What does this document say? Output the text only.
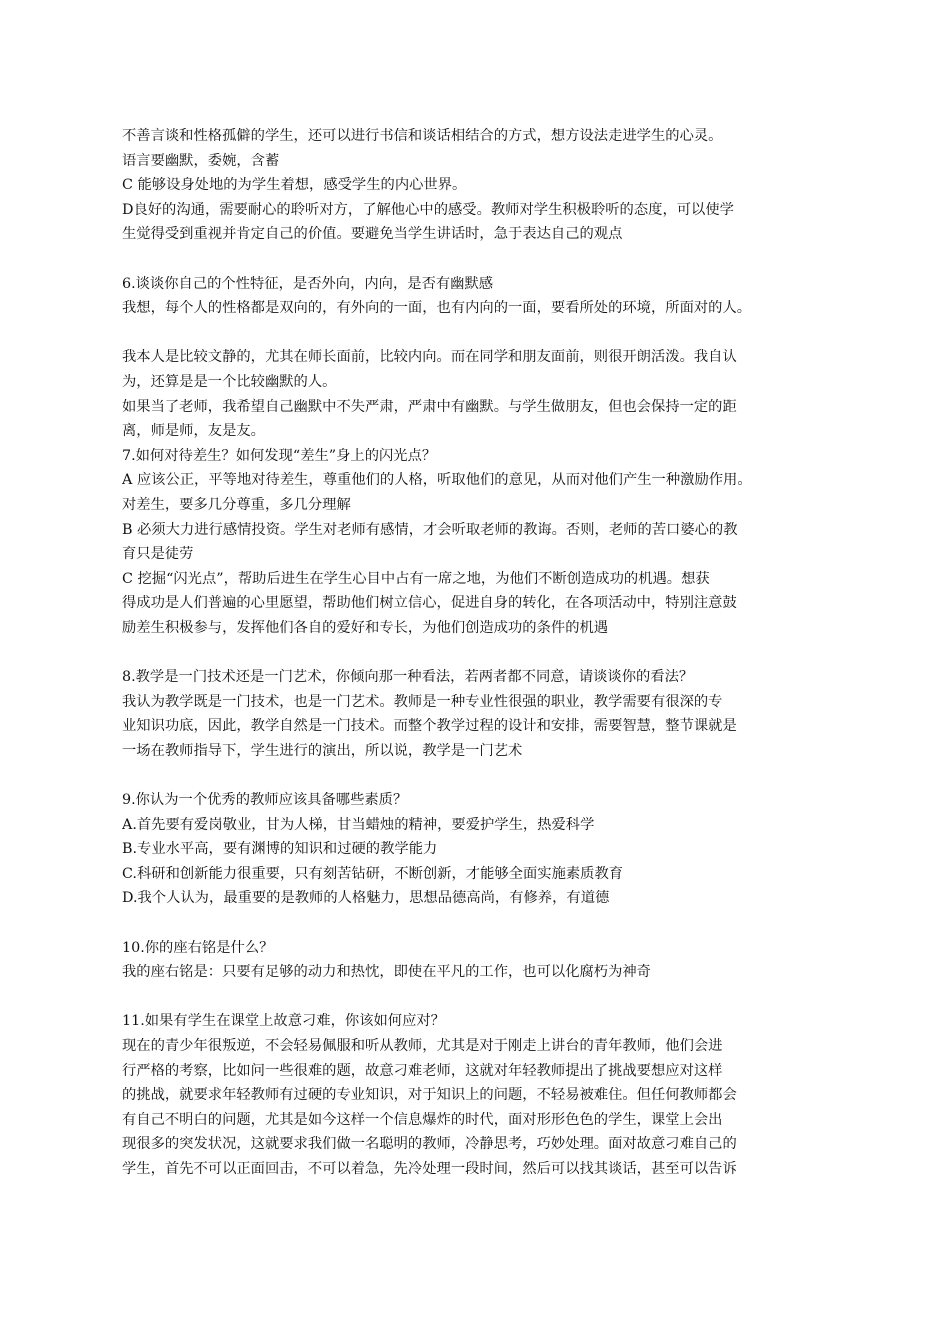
不善言谈和性格孤僻的学生，还可以进行书信和谈话相结合的方式，想方设法走进学生的心灵。
语言要幽默，委婉，含蓄
C 能够设身处地的为学生着想，感受学生的内心世界。
D良好的沟通，需要耐心的聆听对方，了解他心中的感受。教师对学生积极聆听的态度，可以使学
生觉得受到重视并肯定自己的价值。要避免当学生讲话时，急于表达自己的观点
6.谈谈你自己的个性特征，是否外向，内向，是否有幽默感
我想，每个人的性格都是双向的，有外向的一面，也有内向的一面，要看所处的环境，所面对的人。
我本人是比较文静的，尤其在师长面前，比较内向。而在同学和朋友面前，则很开朗活泼。我自认
为，还算是是一个比较幽默的人。
如果当了老师，我希望自己幽默中不失严肃，严肃中有幽默。与学生做朋友，但也会保持一定的距
离，师是师，友是友。
7.如何对待差生？如何发现“差生”身上的闪光点？
A 应该公正，平等地对待差生，尊重他们的人格，听取他们的意见，从而对他们产生一种激励作用。
对差生，要多几分尊重，多几分理解
B 必须大力进行感情投资。学生对老师有感情，才会听取老师的教诲。否则，老师的苦口婆心的教
育只是徒劳
C 挖掘“闪光点”，帮助后进生在学生心目中占有一席之地，为他们不断创造成功的机遇。想获
得成功是人们普遍的心里愿望，帮助他们树立信心，促进自身的转化，在各项活动中，特别注意鼓
励差生积极参与，发挥他们各自的爱好和专长，为他们创造成功的条件的机遇
8.教学是一门技术还是一门艺术，你倾向那一种看法，若两者都不同意，请谈谈你的看法？
我认为教学既是一门技术，也是一门艺术。教师是一种专业性很强的职业，教学需要有很深的专
业知识功底，因此，教学自然是一门技术。而整个教学过程的设计和安排，需要智慧，整节课就是
一场在教师指导下，学生进行的演出，所以说，教学是一门艺术
9.你认为一个优秀的教师应该具备哪些素质？
A.首先要有爱岗敬业，甘为人梯，甘当蜡烛的精神，要爱护学生，热爱科学
B.专业水平高，要有渊博的知识和过硬的教学能力
C.科研和创新能力很重要，只有刻苦钻研，不断创新，才能够全面实施素质教育
D.我个人认为，最重要的是教师的人格魅力，思想品德高尚，有修养，有道德
10.你的座右铭是什么？
我的座右铭是：只要有足够的动力和热忱，即使在平凡的工作，也可以化腐朽为神奇
11.如果有学生在课堂上故意刁难，你该如何应对？
现在的青少年很叛逆，不会轻易佩服和听从教师，尤其是对于刚走上讲台的青年教师，他们会进
行严格的考察，比如问一些很难的题，故意刁难老师，这就对年轻教师提出了挑战要想应对这样
的挑战，就要求年轻教师有过硬的专业知识，对于知识上的问题，不轻易被难住。但任何教师都会
有自己不明白的问题，尤其是如今这样一个信息爆炸的时代，面对形形色色的学生，课堂上会出
现很多的突发状况，这就要求我们做一名聪明的教师，冷静思考，巧妙处理。面对故意刁难自己的
学生，首先不可以正面回击，不可以着急，先冷处理一段时间，然后可以找其谈话，甚至可以告诉
